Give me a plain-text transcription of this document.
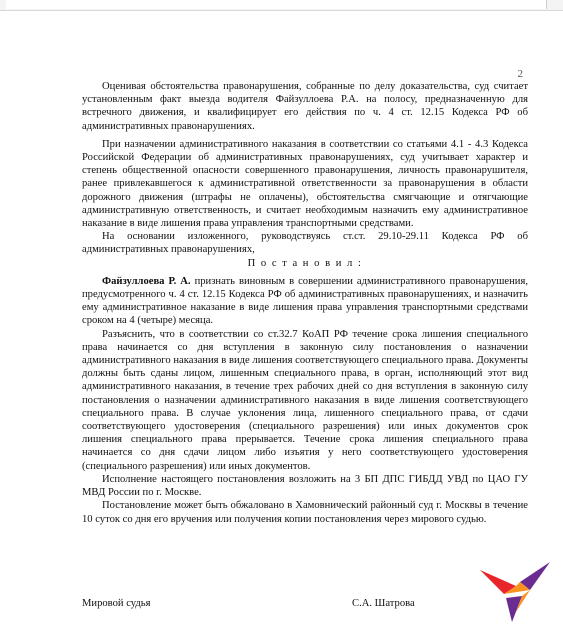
2

Оценивая обстоятельства правонарушения, собранные по делу доказательства, суд считает установленным факт выезда водителя Файзуллоева Р.А. на полосу, предназначенную для встречного движения, и квалифицирует его действия по ч. 4 ст. 12.15 Кодекса РФ об административных правонарушениях.

При назначении административного наказания в соответствии со статьями 4.1 - 4.3 Кодекса Российской Федерации об административных правонарушениях, суд учитывает характер и степень общественной опасности совершенного правонарушения, личность правонарушителя, ранее привлекавшегося к административной ответственности за правонарушения в области дорожного движения (штрафы не оплачены), обстоятельства смягчающие и отягчающие административную ответственность, и считает необходимым назначить ему административное наказание в виде лишения права управления транспортными средствами.

На основании изложенного, руководствуясь ст.ст. 29.10-29.11 Кодекса РФ об административных правонарушениях,

П о с т а н о в и л :

Файзуллоева Р. А. признать виновным в совершении административного правонарушения, предусмотренного ч. 4 ст. 12.15 Кодекса РФ об административных правонарушениях, и назначить ему административное наказание в виде лишения права управления транспортными средствами сроком на 4 (четыре) месяца.

Разъяснить, что в соответствии со ст.32.7 КоАП РФ течение срока лишения специального права начинается со дня вступления в законную силу постановления о назначении административного наказания в виде лишения соответствующего специального права. Документы должны быть сданы лицом, лишенным специального права, в орган, исполняющий этот вид административного наказания, в течение трех рабочих дней со дня вступления в законную силу постановления о назначении административного наказания в виде лишения соответствующего специального права. В случае уклонения лица, лишенного специального права, от сдачи соответствующего удостоверения (специального разрешения) или иных документов срок лишения специального права прерывается. Течение срока лишения специального права начинается со дня сдачи лицом либо изъятия у него соответствующего удостоверения (специального разрешения) или иных документов.

Исполнение настоящего постановления возложить на 3 БП ДПС ГИБДД УВД по ЦАО ГУ МВД России по г. Москве.

Постановление может быть обжаловано в Хамовнический районный суд г. Москвы в течение 10 суток со дня его вручения или получения копии постановления через мирового судью.

Мировой судья	С.А. Шатрова
